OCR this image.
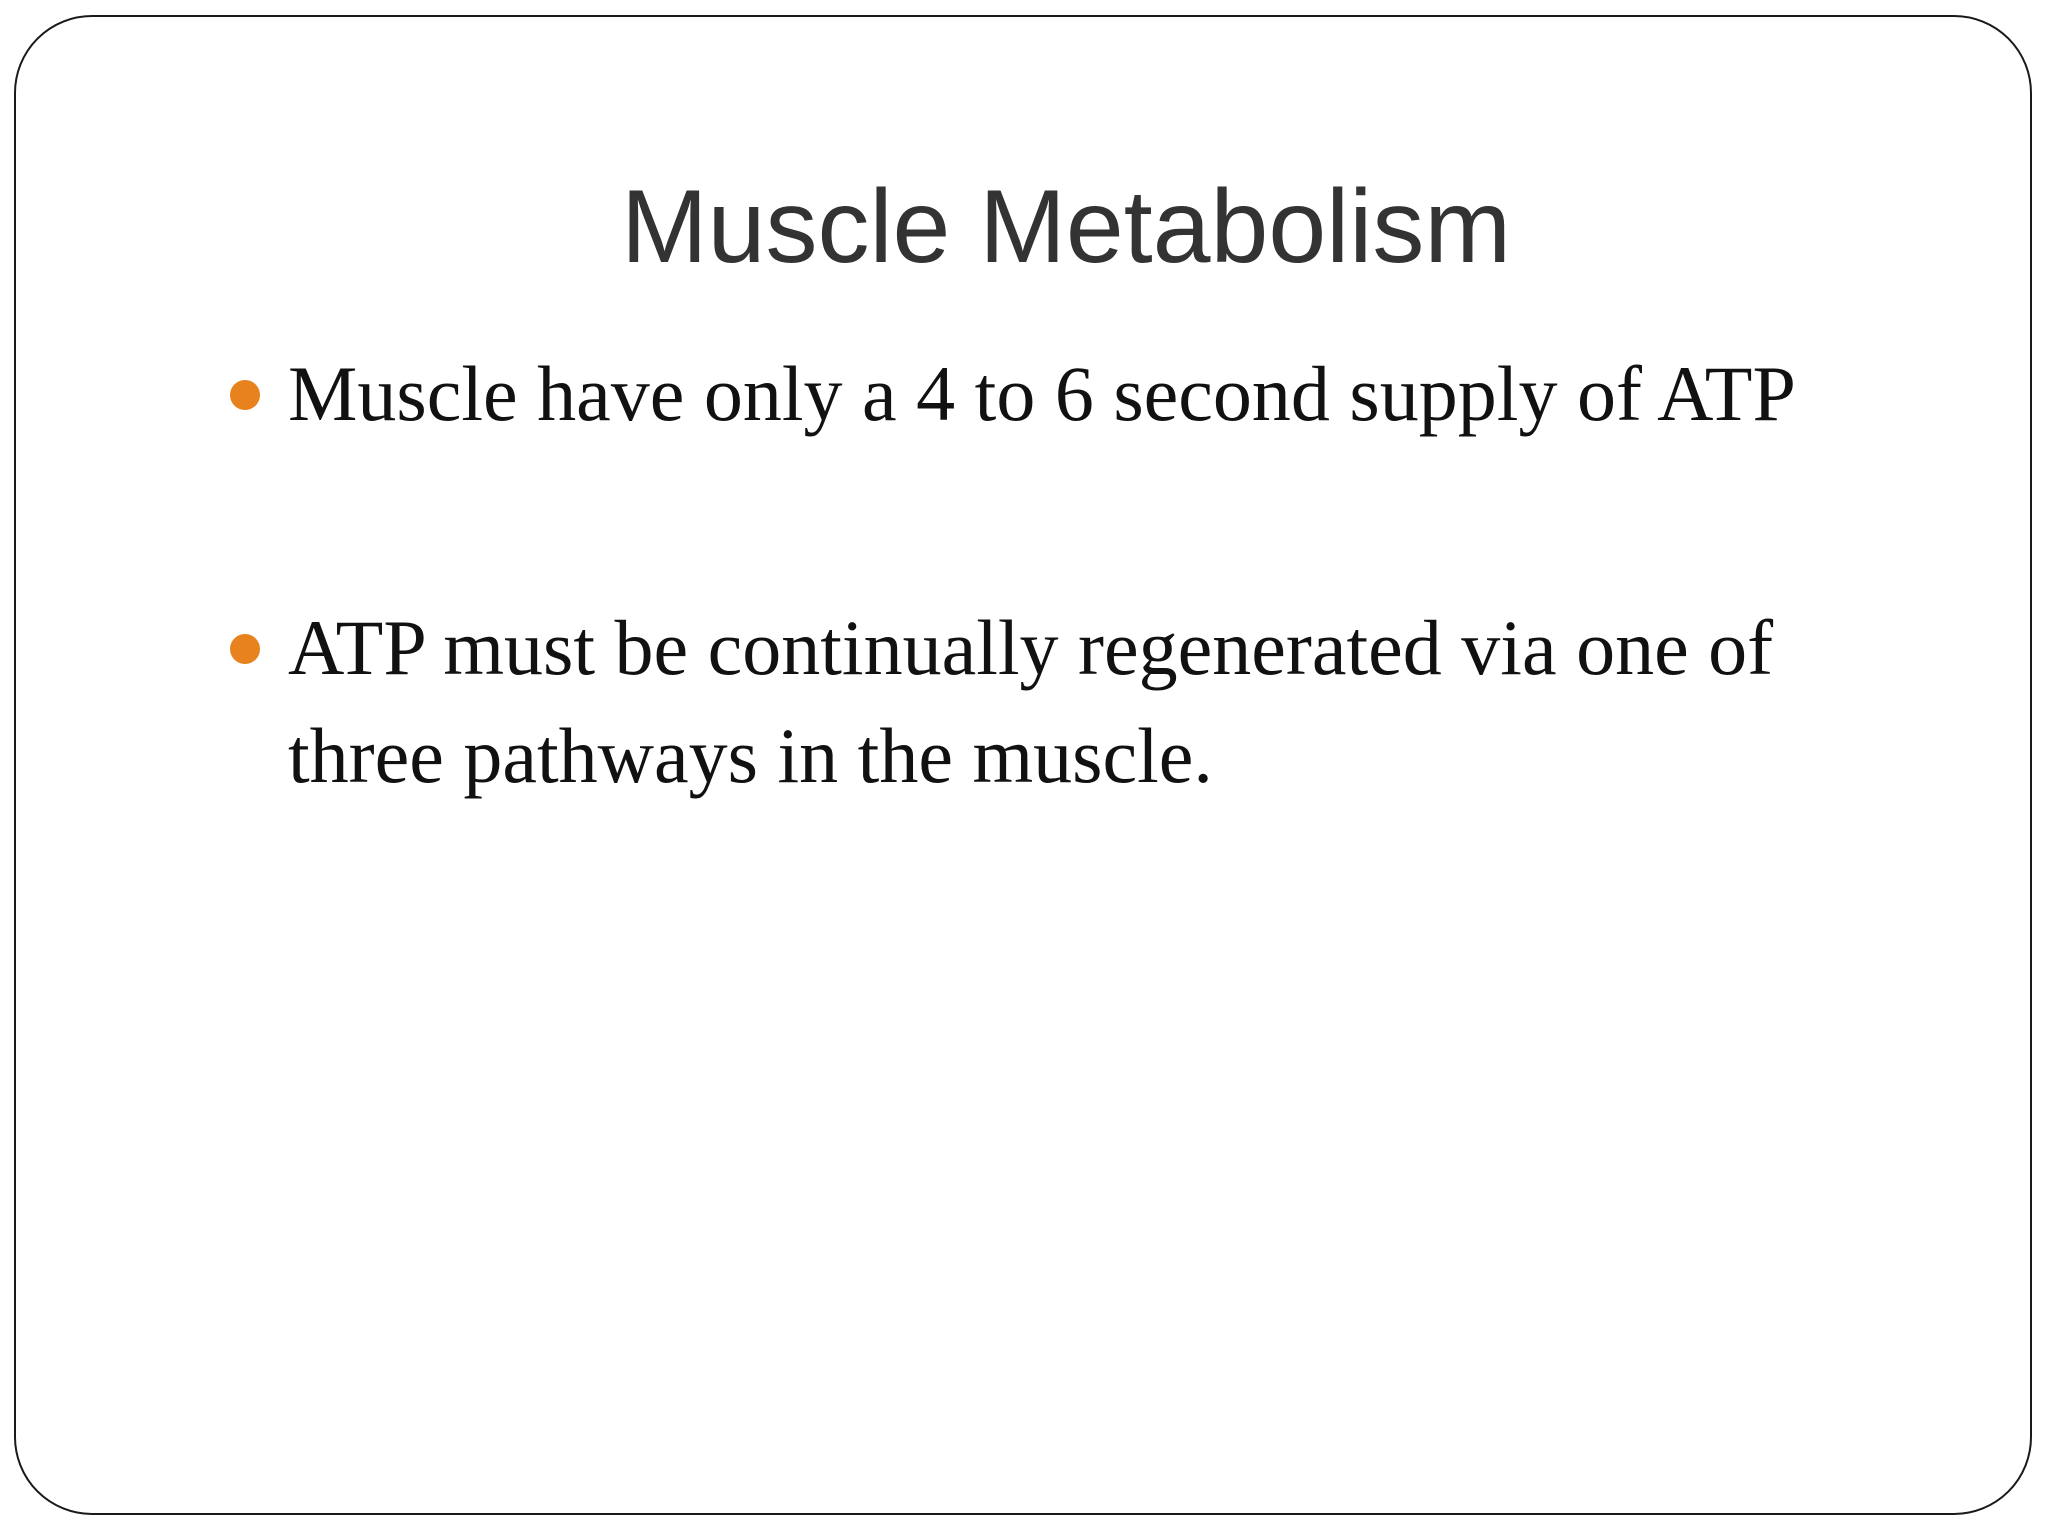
Muscle Metabolism
Muscle have only a 4 to 6 second supply of ATP
ATP must be continually regenerated via one of three pathways in the muscle.
